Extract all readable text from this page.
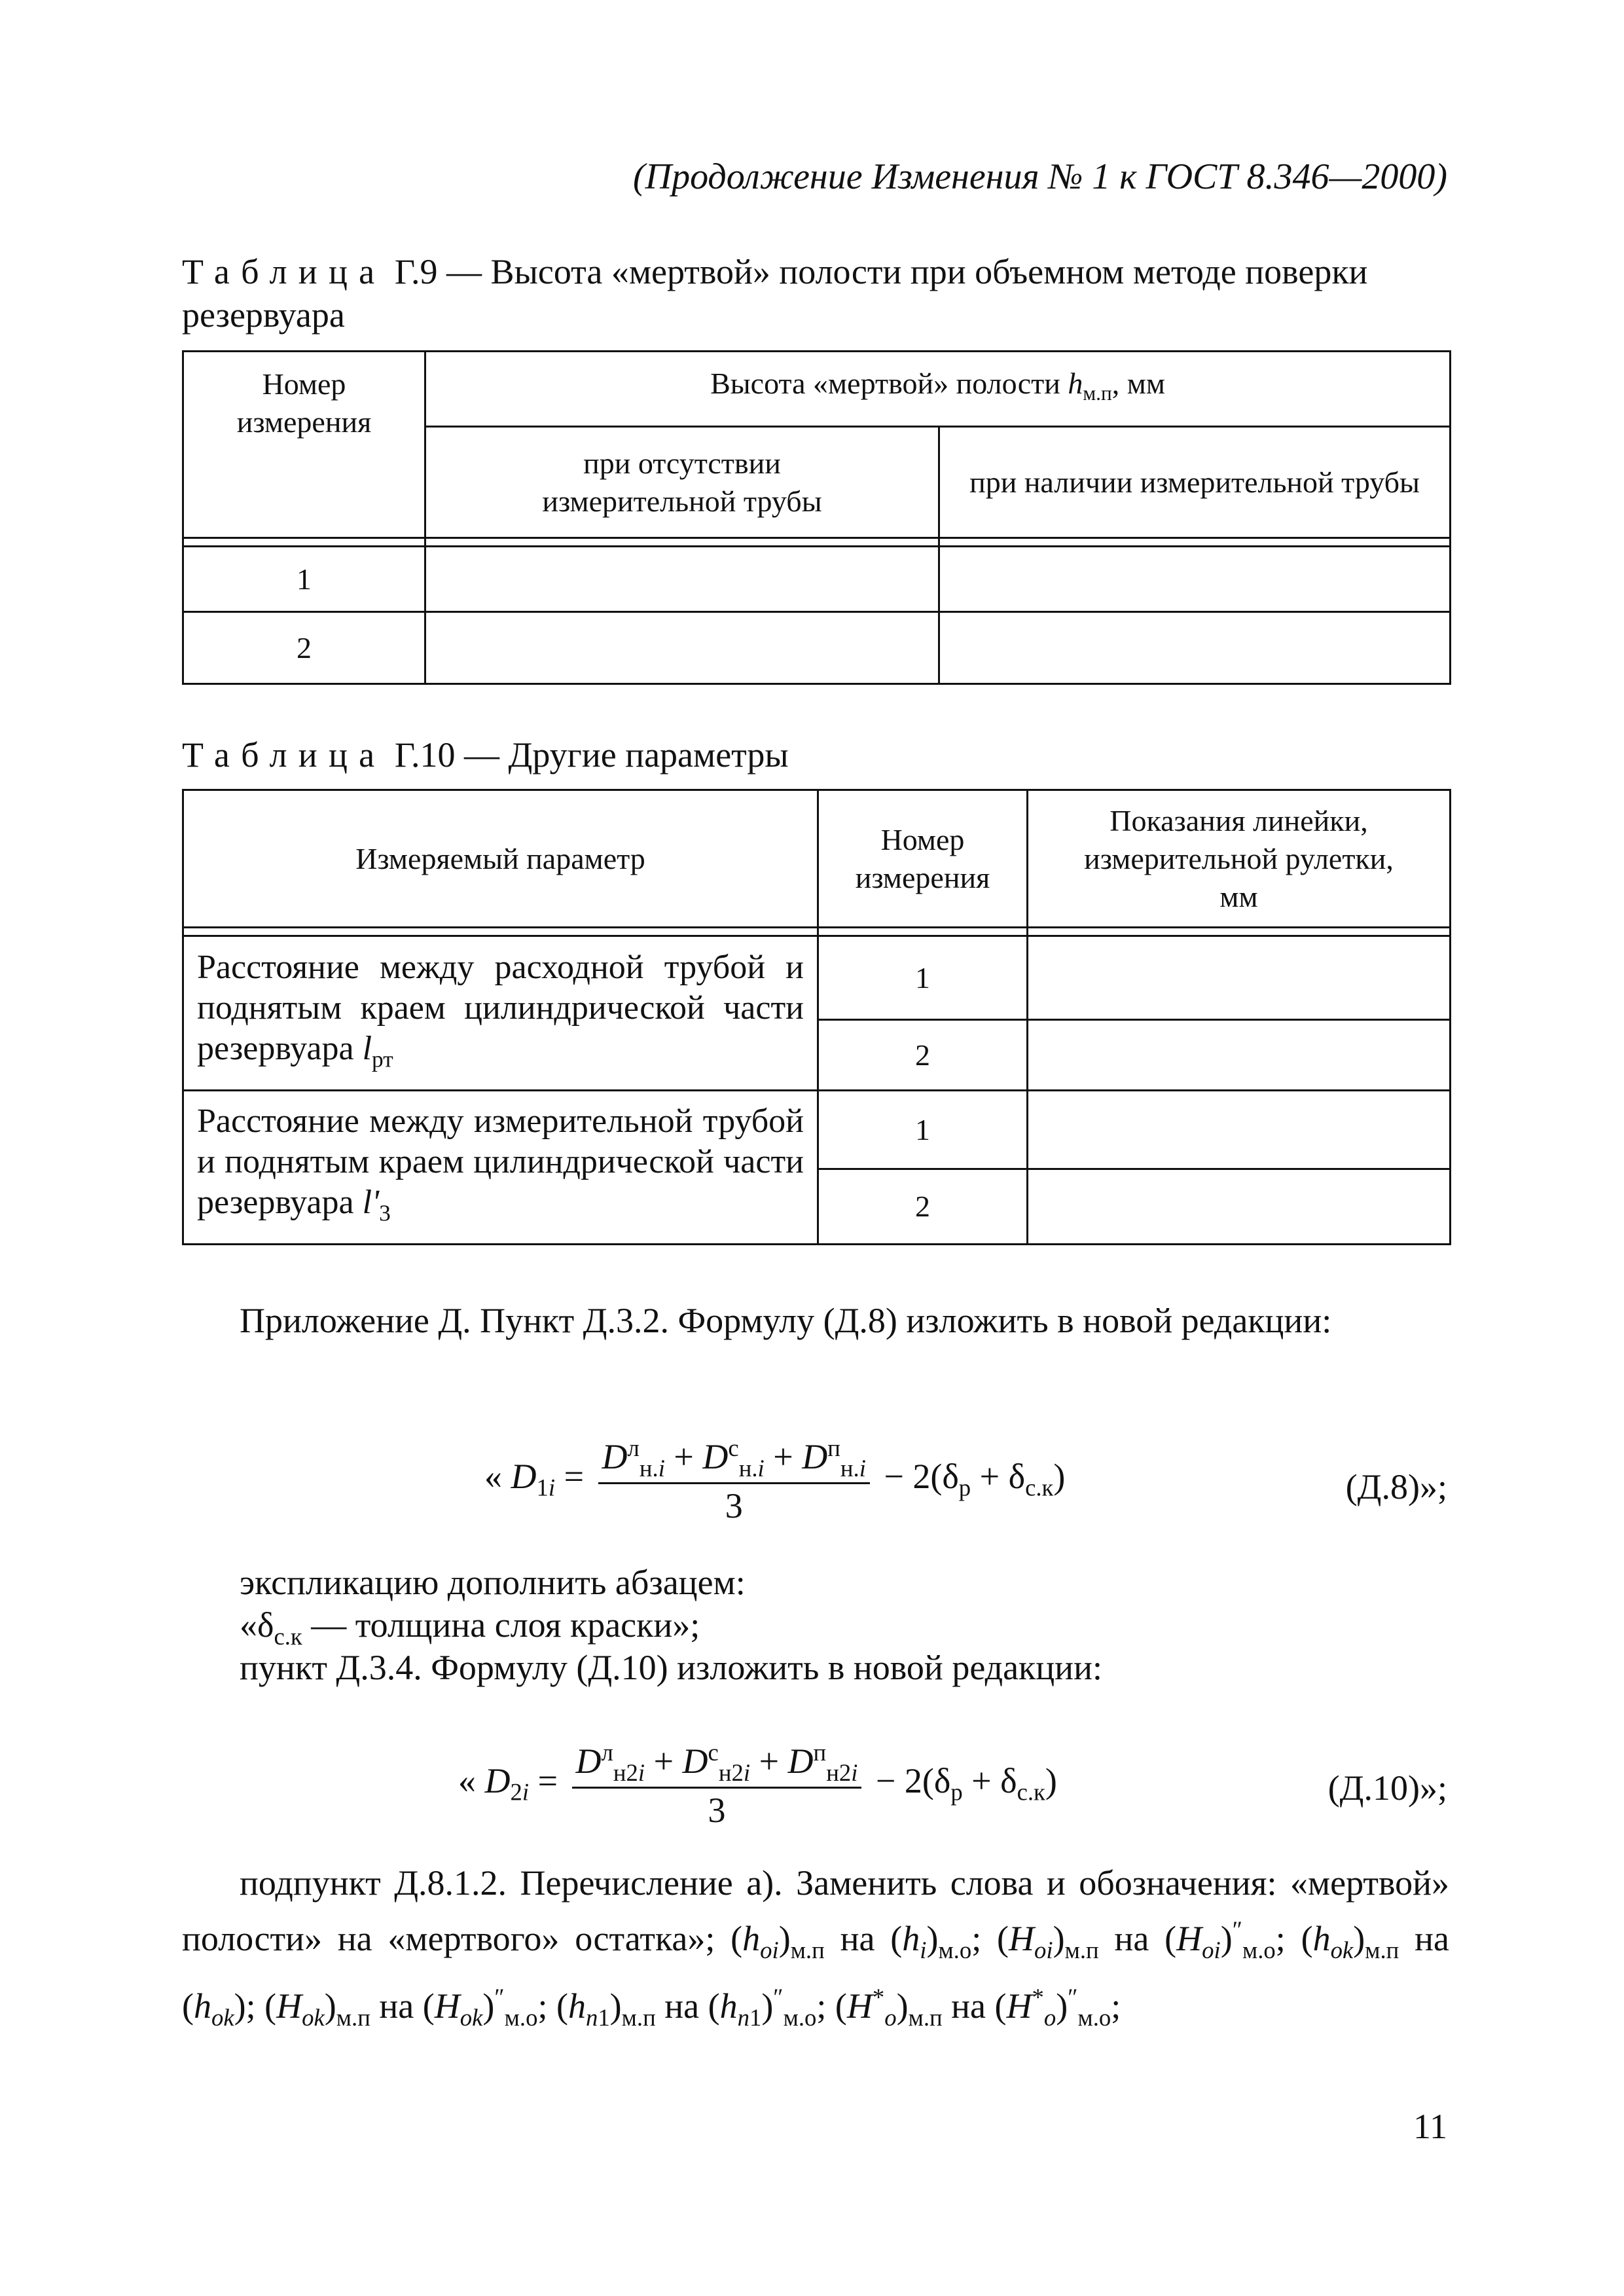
(Продолжение Изменения № 1 к ГОСТ 8.346—2000)
Таблица Г.9 — Высота «мертвой» полости при объемном методе поверки резервуара
Номер измерения	Высота «мертвой» полости $h_{м.п}$, мм	
	при отсутствии измерительной трубы	при наличии измерительной трубы

1		
2		
Таблица Г.10 — Другие параметры
Измеряемый параметр	Номер измерения	Показания линейки, измерительной рулетки, мм

Расстояние между расходной трубой и поднятым краем цилиндрической части резервуара $l_{рт}$	1	
	2	
Расстояние между измерительной трубой и поднятым краем цилиндрической части резервуара $l'_3$	1	
	2	
Приложение Д. Пункт Д.3.2. Формулу (Д.8) изложить в новой редакции:
« $D_{1i} = \frac{D^л_{н.i} + D^с_{н.i} + D^п_{н.i}}{3} - 2(\delta_р + \delta_{с.к})$	(Д.8)»;
экспликацию дополнить абзацем:
«$\delta_{с.к}$ — толщина слоя краски»;
пункт Д.3.4. Формулу (Д.10) изложить в новой редакции:
« $D_{2i} = \frac{D^л_{н2i} + D^с_{н2i} + D^п_{н2i}}{3} - 2(\delta_р + \delta_{с.к})$	(Д.10)»;
подпункт Д.8.1.2. Перечисление а). Заменить слова и обозначения: «мертвой» полости» на «мертвого» остатка»; $(h_{oi})_{м.п}$ на $(h_i)_{м.о}$; $(H_{oi})_{м.п}$ на $(H_{oi})''_{м.о}$; $(h_{ok})_{м.п}$ на $(h_{ok})$; $(H_{ok})_{м.п}$ на $(H_{ok})''_{м.о}$; $(h_{n1})_{м.п}$ на $(h_{n1})''_{м.о}$; $(H^*_o)_{м.п}$ на $(H^*_o)''_{м.о}$;
11
